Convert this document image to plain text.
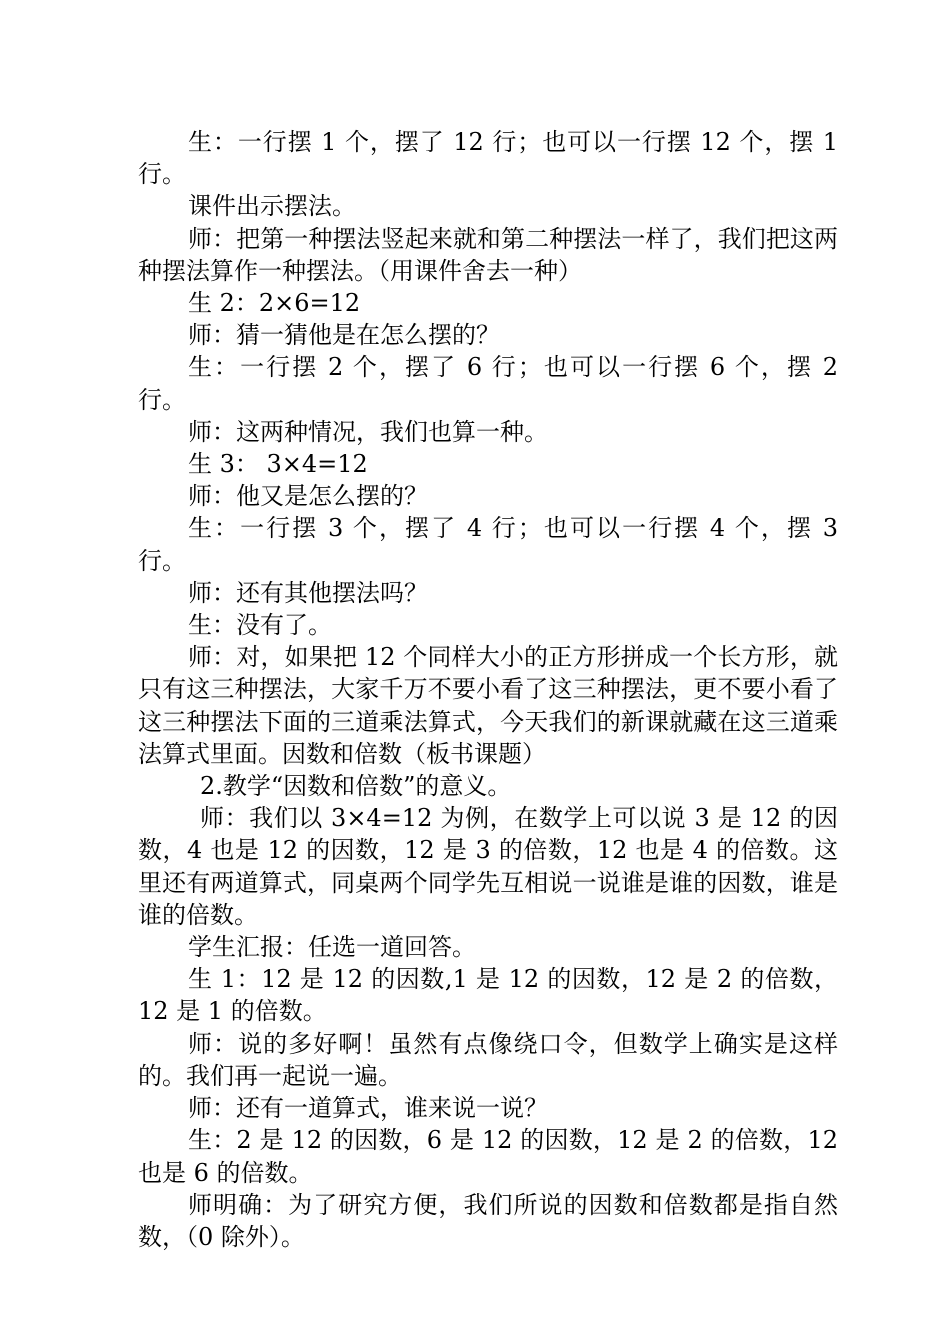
生：一行摆 1 个，摆了 12 行；也可以一行摆 12 个，摆 1 行。

课件出示摆法。

师：把第一种摆法竖起来就和第二种摆法一样了，我们把这两种摆法算作一种摆法。（用课件舍去一种）

生 2：2×6=12

师：猜一猜他是在怎么摆的？

生：一行摆 2 个，摆了 6 行；也可以一行摆 6 个，摆 2 行。

师：这两种情况，我们也算一种。

生 3： 3×4=12

师：他又是怎么摆的？

生：一行摆 3 个，摆了 4 行；也可以一行摆 4 个，摆 3 行。

师：还有其他摆法吗？

生：没有了。

师：对，如果把 12 个同样大小的正方形拼成一个长方形，就只有这三种摆法，大家千万不要小看了这三种摆法，更不要小看了这三种摆法下面的三道乘法算式，今天我们的新课就藏在这三道乘法算式里面。因数和倍数（板书课题）

2.教学“因数和倍数”的意义。

师：我们以 3×4=12 为例，在数学上可以说 3 是 12 的因数，4 也是 12 的因数，12 是 3 的倍数，12 也是 4 的倍数。这里还有两道算式，同桌两个同学先互相说一说谁是谁的因数，谁是谁的倍数。

学生汇报：任选一道回答。

生 1：12 是 12 的因数,1 是 12 的因数，12 是 2 的倍数，12 是 1 的倍数。

师：说的多好啊！虽然有点像绕口令，但数学上确实是这样的。我们再一起说一遍。

师：还有一道算式，谁来说一说？

生：2 是 12 的因数，6 是 12 的因数，12 是 2 的倍数，12 也是 6 的倍数。

师明确：为了研究方便，我们所说的因数和倍数都是指自然数，（0 除外）。
